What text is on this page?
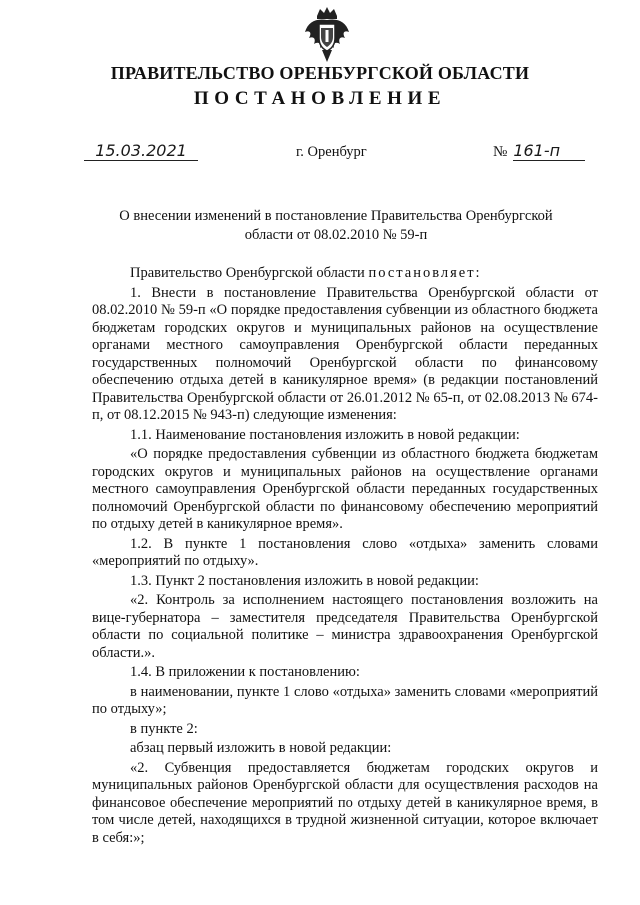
ПРАВИТЕЛЬСТВО ОРЕНБУРГСКОЙ ОБЛАСТИ
ПОСТАНОВЛЕНИЕ
15.03.2021	г. Оренбург	№ 161-п
О внесении изменений в постановление Правительства Оренбургской
области от 08.02.2010 № 59-п

Правительство Оренбургской области постановляет:

1. Внести в постановление Правительства Оренбургской области от 08.02.2010 № 59-п «О порядке предоставления субвенции из областного бюджета бюджетам городских округов и муниципальных районов на осуществление органами местного самоуправления Оренбургской области переданных государственных полномочий Оренбургской области по финансовому обеспечению отдыха детей в каникулярное время» (в редакции постановлений Правительства Оренбургской области от 26.01.2012 № 65-п, от 02.08.2013 № 674-п, от 08.12.2015 № 943-п) следующие изменения:

1.1. Наименование постановления изложить в новой редакции:

«О порядке предоставления субвенции из областного бюджета бюджетам городских округов и муниципальных районов на осуществление органами местного самоуправления Оренбургской области переданных государственных полномочий Оренбургской области по финансовому обеспечению мероприятий по отдыху детей в каникулярное время».

1.2. В пункте 1 постановления слово «отдыха» заменить словами «мероприятий по отдыху».

1.3. Пункт 2 постановления изложить в новой редакции:

«2. Контроль за исполнением настоящего постановления возложить на вице-губернатора – заместителя председателя Правительства Оренбургской области по социальной политике – министра здравоохранения Оренбургской области.».

1.4. В приложении к постановлению:

в наименовании, пункте 1 слово «отдыха» заменить словами «мероприятий по отдыху»;

в пункте 2:

абзац первый изложить в новой редакции:

«2. Субвенция предоставляется бюджетам городских округов и муниципальных районов Оренбургской области для осуществления расходов на финансовое обеспечение мероприятий по отдыху детей в каникулярное время, в том числе детей, находящихся в трудной жизненной ситуации, которое включает в себя:»;
